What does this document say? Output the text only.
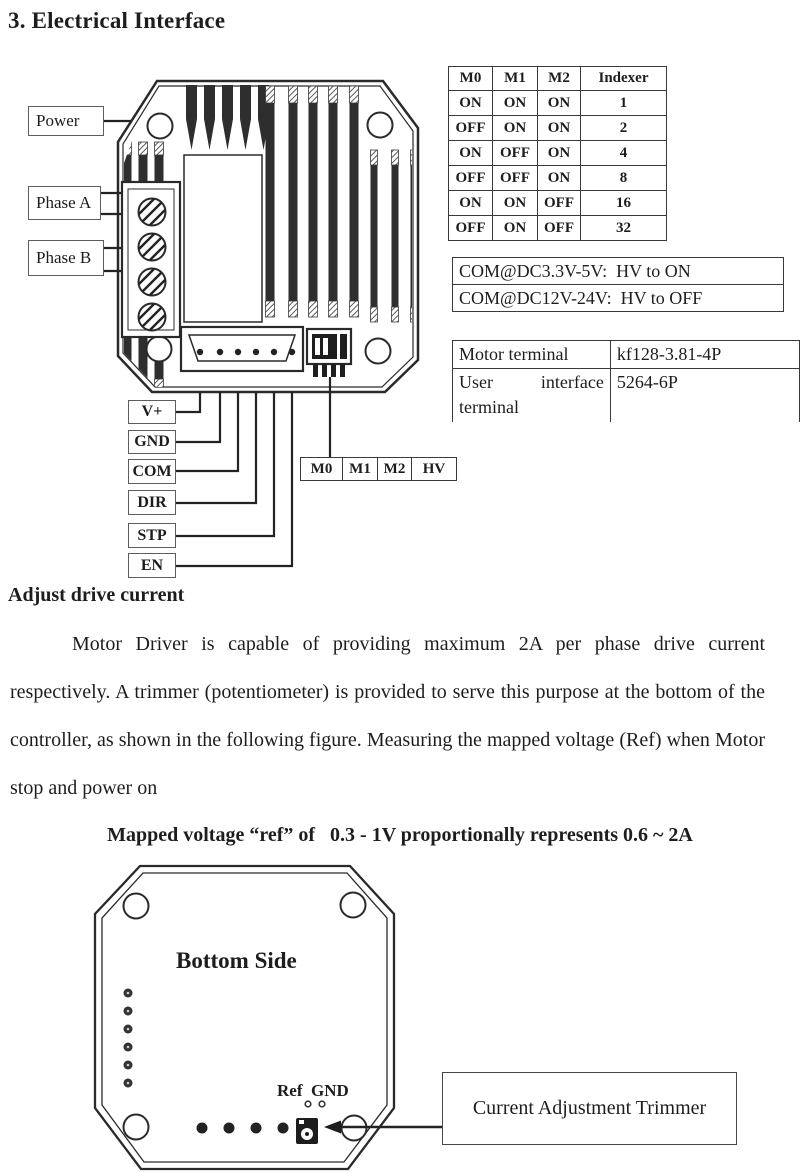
3. Electrical Interface
Power
Phase A
Phase B
V+
GND
COM
DIR
STP
EN
M0	M1 M2	HV
M0	M1	M2	Indexer
ON	ON	ON	1
OFF	ON	ON	2
ON	OFF	ON	4
OFF	OFF	ON	8
ON	ON	OFF	16
OFF	ON	OFF	32
COM@DC3.3V-5V:  HV to ON
COM@DC12V-24V:  HV to OFF
Motor terminal	kf128-3.81-4P
User interface terminal	5264-6P
Adjust drive current
Motor Driver is capable of providing maximum 2A per phase drive current respectively. A trimmer (potentiometer) is provided to serve this purpose at the bottom of the controller, as shown in the following figure. Measuring the mapped voltage (Ref) when Motor stop and power on
Mapped voltage “ref” of   0.3 - 1V proportionally represents 0.6 ~ 2A
Bottom Side
Ref  GND
Current Adjustment Trimmer
